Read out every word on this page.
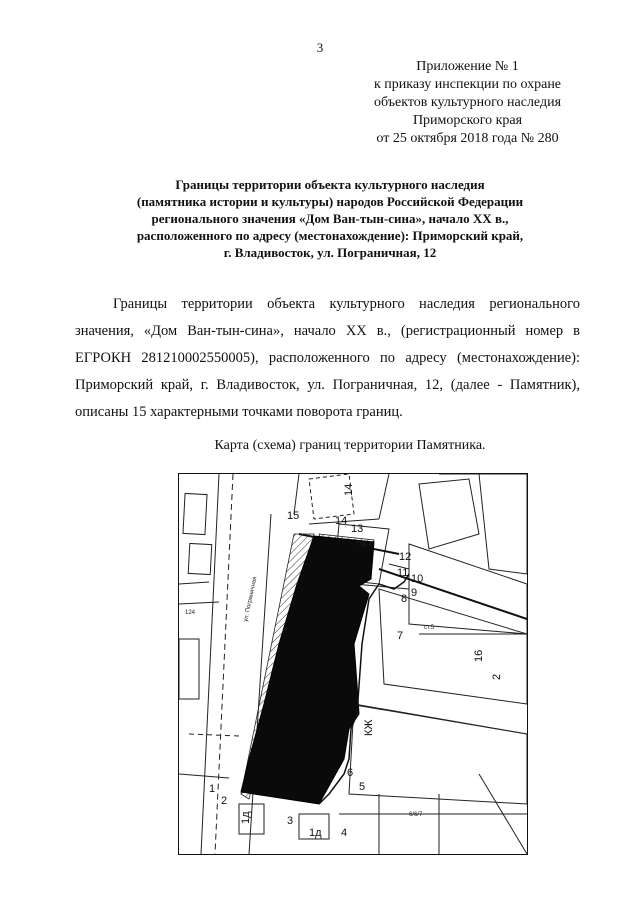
3
Приложение № 1
к приказу инспекции по охране
объектов культурного наследия
Приморского края
от 25 октября 2018 года № 280
Границы территории объекта культурного наследия
(памятника истории и культуры) народов Российской Федерации
регионального значения «Дом Ван-тын-сина», начало XX в.,
расположенного по адресу (местонахождение): Приморский край,
г. Владивосток, ул. Пограничная, 12
Границы территории объекта культурного наследия регионального значения, «Дом Ван-тын-сина», начало XX в., (регистрационный номер в ЕГРОКН 281210002550005), расположенного по адресу (местонахождение): Приморский край, г. Владивосток, ул. Пограничная, 12, (далее - Памятник), описаны 15 характерными точками поворота границ.
Карта (схема) границ территории Памятника.
14
16
2
1д
1д
КЖ
Гбр.4
ст.5
6/6/7
124	ул. Пограничная
1
2
3
4
5
6
7
8 9
10
11
12
13
14
15
